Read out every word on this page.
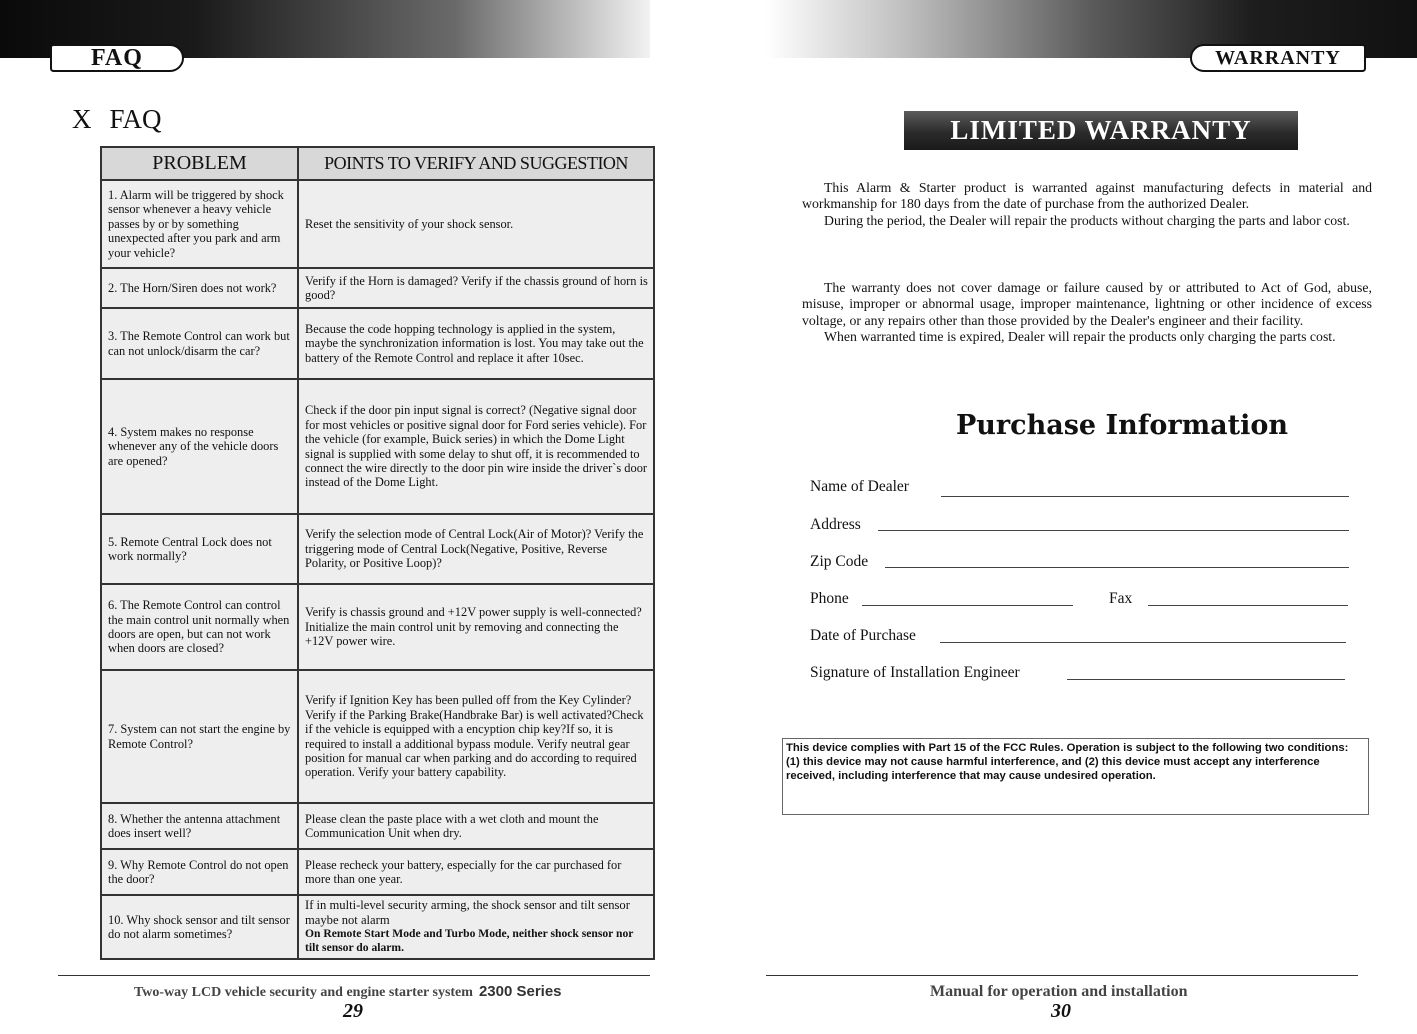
FAQ
X FAQ
PROBLEM	POINTS TO VERIFY AND SUGGESTION
1. Alarm will be triggered by shock sensor whenever a heavy vehicle passes by or by something unexpected after you park and arm your vehicle?	Reset the sensitivity of your shock sensor.
2. The Horn/Siren does not work?	Verify if the Horn is damaged? Verify if the chassis ground of horn is good?
3. The Remote Control can work but can not unlock/disarm the car?	Because the code hopping technology is applied in the system, maybe the synchronization information is lost. You may take out the battery of the Remote Control and replace it after 10sec.
4. System makes no response whenever any of the vehicle doors are opened?	Check if the door pin input signal is correct? (Negative signal door for most vehicles or positive signal door for Ford series vehicle). For the vehicle (for example, Buick series) in which the Dome Light signal is supplied with some delay to shut off, it is recommended to connect the wire directly to the door pin wire inside the driver`s door instead of the Dome Light.
5. Remote Central Lock does not work normally?	Verify the selection mode of Central Lock(Air of Motor)? Verify the triggering mode of Central Lock(Negative, Positive, Reverse Polarity, or Positive Loop)?
6. The Remote Control can control the main control unit normally when doors are open, but can not work when doors are closed?	Verify is chassis ground and +12V power supply is well-connected?Initialize the main control unit by removing and connecting the +12V power wire.
7. System can not start the engine by Remote Control?	Verify if Ignition Key has been pulled off from the Key Cylinder?Verify if the Parking Brake(Handbrake Bar) is well activated?Check if the vehicle is equipped with a encyption chip key?If so, it is required to install a additional bypass module. Verify neutral gear position for manual car when parking and do according to required operation. Verify your battery capability.
8. Whether the antenna attachment does insert well?	Please clean the paste place with a wet cloth and mount the Communication Unit when dry.
9. Why Remote Control do not open the door?	Please recheck your battery, especially for the car purchased for more than one year.
10. Why shock sensor and tilt sensor do not alarm sometimes?	If in multi-level security arming, the shock sensor and tilt sensor maybe not alarm
On Remote Start Mode and Turbo Mode, neither shock sensor nor tilt sensor do alarm.
Two-way LCD vehicle security and engine starter system 2300 Series
29
WARRANTY
LIMITED WARRANTY

This Alarm & Starter product is warranted against manufacturing defects in material and workmanship for 180 days from the date of purchase from the authorized Dealer.

During the period, the Dealer will repair the products without charging the parts and labor cost.

The warranty does not cover damage or failure caused by or attributed to Act of God, abuse, misuse, improper or abnormal usage, improper maintenance, lightning or other incidence of excess voltage, or any repairs other than those provided by the Dealer's engineer and their facility.

When warranted time is expired, Dealer will repair the products only charging the parts cost.

Purchase Information
Name of Dealer
Address
Zip Code
Phone	Fax
Date of Purchase
Signature of Installation Engineer
This device complies with Part 15 of the FCC Rules. Operation is subject to the following two conditions: (1) this device may not cause harmful interference, and (2) this device must accept any interference received, including interference that may cause undesired operation.
Manual for operation and installation
30
